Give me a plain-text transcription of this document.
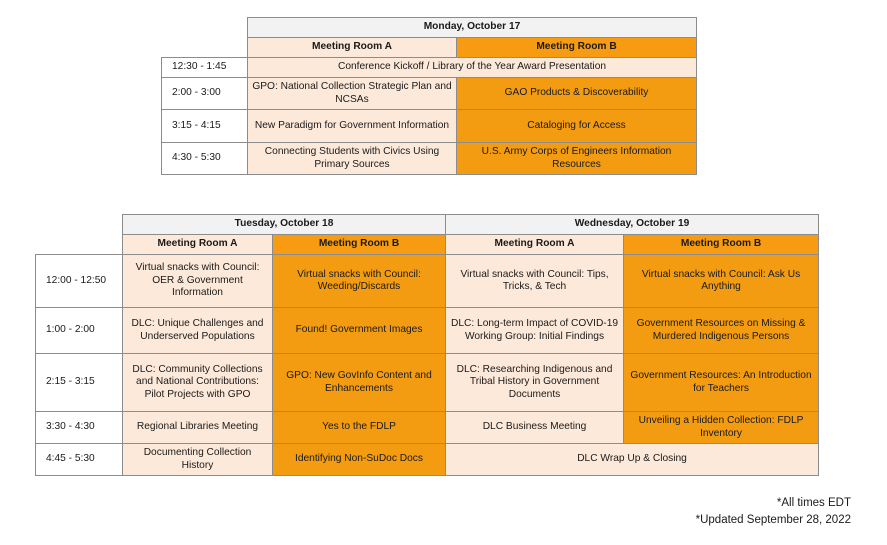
	Monday, October 17	
	Meeting Room A	Meeting Room B
12:30 - 1:45	Conference Kickoff / Library of the Year Award Presentation	
2:00 - 3:00	GPO: National Collection Strategic Plan and NCSAs	GAO Products & Discoverability
3:15 - 4:15	New Paradigm for Government Information	Cataloging for Access
4:30 - 5:30	Connecting Students with Civics Using Primary Sources	U.S. Army Corps of Engineers Information Resources
	Tuesday, October 18		Wednesday, October 19	
	Meeting Room A	Meeting Room B	Meeting Room A	Meeting Room B
12:00 - 12:50	Virtual snacks with Council: OER & Government Information	Virtual snacks with Council: Weeding/Discards	Virtual snacks with Council: Tips, Tricks, & Tech	Virtual snacks with Council: Ask Us Anything
1:00 - 2:00	DLC: Unique Challenges and Underserved Populations	Found! Government Images	DLC: Long-term Impact of COVID-19 Working Group: Initial Findings	Government Resources on Missing & Murdered Indigenous Persons
2:15 - 3:15	DLC: Community Collections and National Contributions: Pilot Projects with GPO	GPO: New GovInfo Content and Enhancements	DLC: Researching Indigenous and Tribal History in Government Documents	Government Resources: An Introduction for Teachers
3:30 - 4:30	Regional Libraries Meeting	Yes to the FDLP	DLC Business Meeting	Unveiling a Hidden Collection: FDLP Inventory
4:45 - 5:30	Documenting Collection History	Identifying Non-SuDoc Docs	DLC Wrap Up & Closing	
*All times EDT
*Updated September 28, 2022
